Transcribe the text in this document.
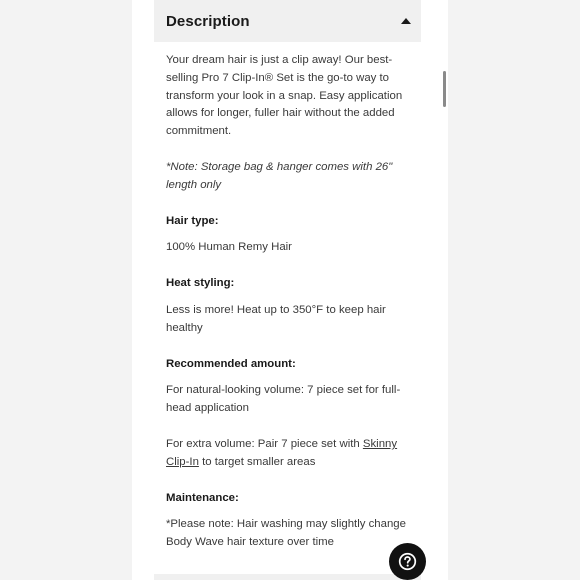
Description

Your dream hair is just a clip away! Our best-selling Pro 7 Clip-In® Set is the go-to way to transform your look in a snap. Easy application allows for longer, fuller hair without the added commitment.

*Note: Storage bag & hanger comes with 26" length only

Hair type:

100% Human Remy Hair

Heat styling:

Less is more! Heat up to 350°F to keep hair healthy

Recommended amount:

For natural-looking volume: 7 piece set for full-head application

For extra volume: Pair 7 piece set with Skinny Clip-In to target smaller areas

Maintenance:

*Please note: Hair washing may slightly change Body Wave hair texture over time
